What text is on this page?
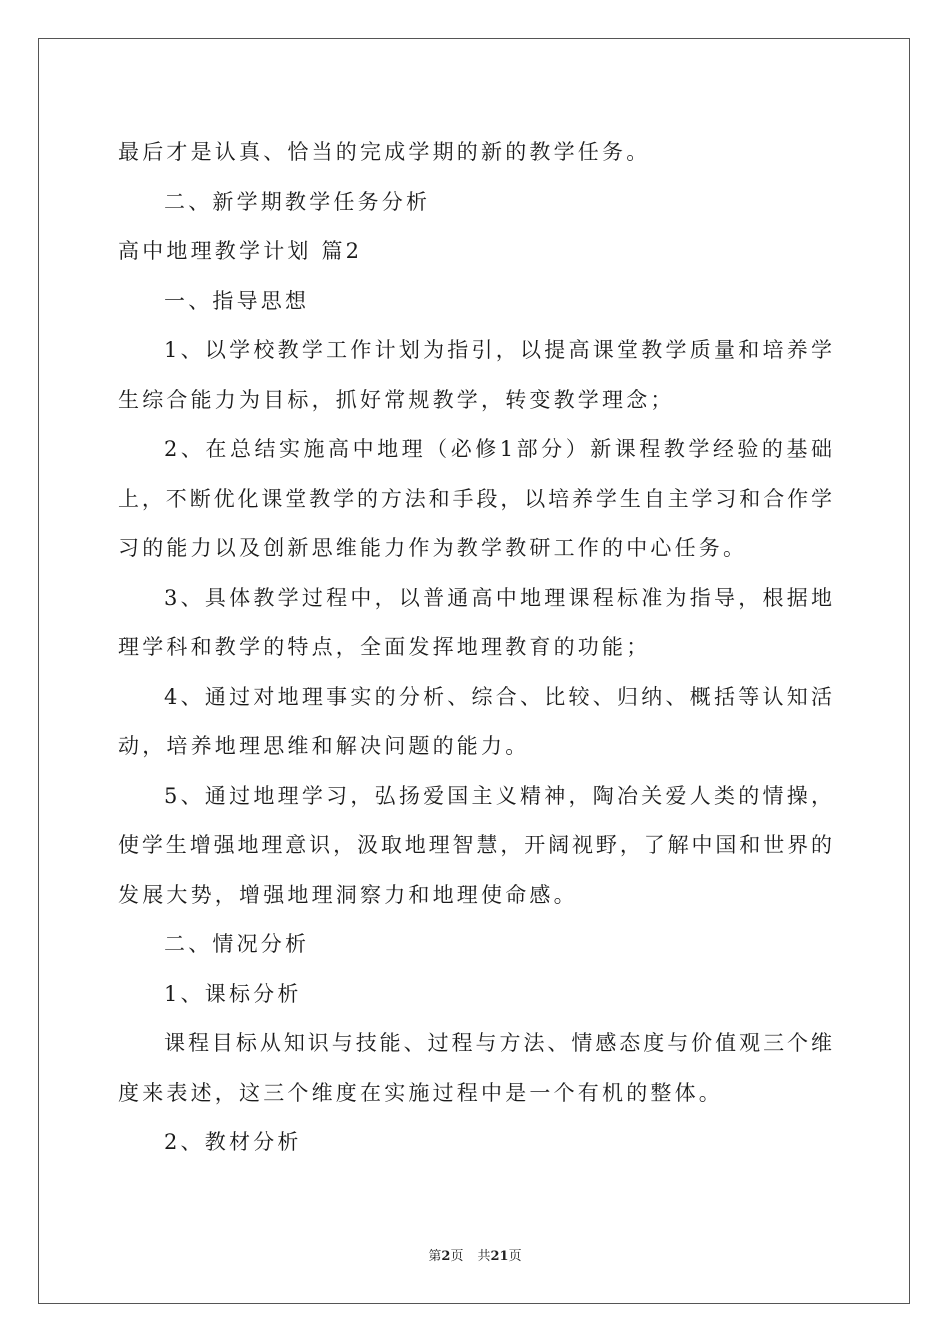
最后才是认真、恰当的完成学期的新的教学任务。
二、新学期教学任务分析
高中地理教学计划 篇2
一、指导思想
1、以学校教学工作计划为指引，以提高课堂教学质量和培养学
生综合能力为目标，抓好常规教学，转变教学理念；
2、在总结实施高中地理（必修1部分）新课程教学经验的基础
上，不断优化课堂教学的方法和手段，以培养学生自主学习和合作学
习的能力以及创新思维能力作为教学教研工作的中心任务。
3、具体教学过程中，以普通高中地理课程标准为指导，根据地
理学科和教学的特点，全面发挥地理教育的功能；
4、通过对地理事实的分析、综合、比较、归纳、概括等认知活
动，培养地理思维和解决问题的能力。
5、通过地理学习，弘扬爱国主义精神，陶冶关爱人类的情操，
使学生增强地理意识，汲取地理智慧，开阔视野，了解中国和世界的
发展大势，增强地理洞察力和地理使命感。
二、情况分析
1、课标分析
课程目标从知识与技能、过程与方法、情感态度与价值观三个维
度来表述，这三个维度在实施过程中是一个有机的整体。
2、教材分析
第2页 共21页
